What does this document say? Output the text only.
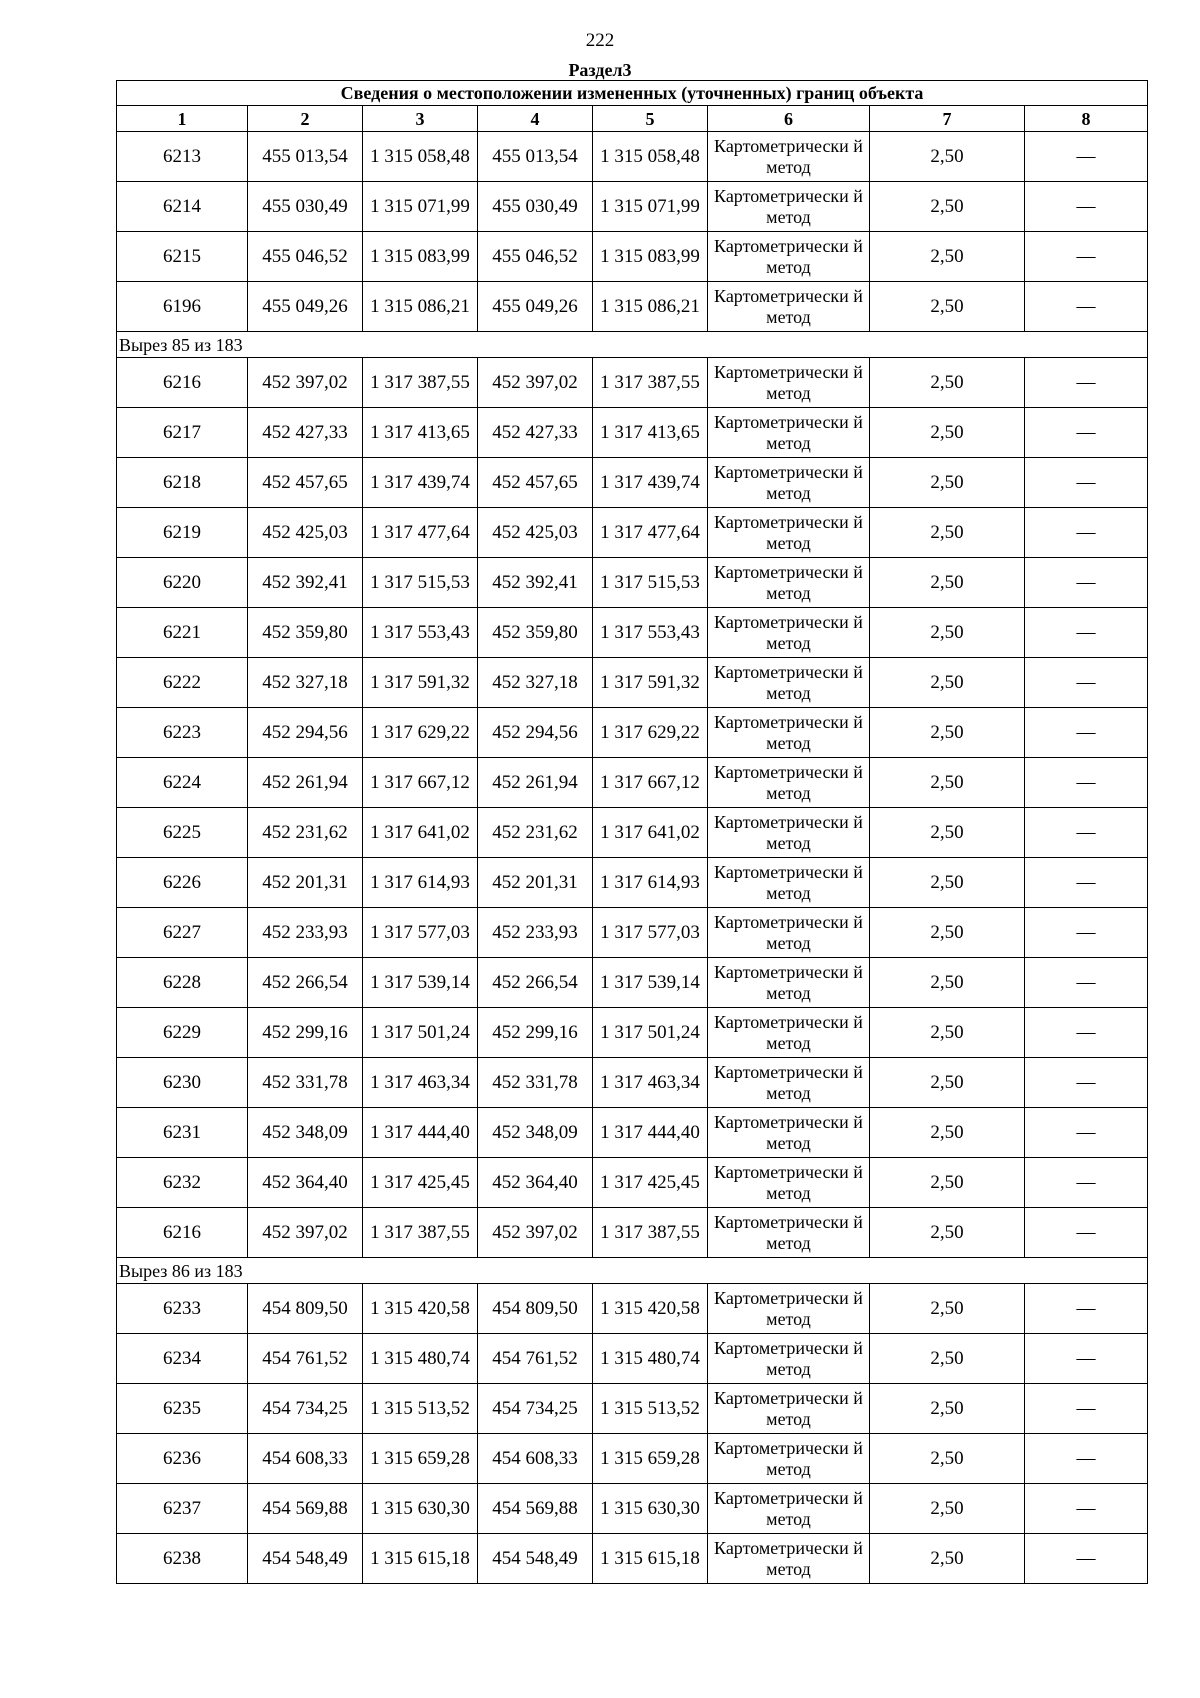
222
Раздел3
Сведения о местоположении измененных (уточненных) границ объекта							
1	2	3	4	5	6	7	8
6213	455 013,54	1 315 058,48	455 013,54	1 315 058,48	Картометрически й метод	2,50	—
6214	455 030,49	1 315 071,99	455 030,49	1 315 071,99	Картометрически й метод	2,50	—
6215	455 046,52	1 315 083,99	455 046,52	1 315 083,99	Картометрически й метод	2,50	—
6196	455 049,26	1 315 086,21	455 049,26	1 315 086,21	Картометрически й метод	2,50	—
Вырез 85 из 183							
6216	452 397,02	1 317 387,55	452 397,02	1 317 387,55	Картометрически й метод	2,50	—
6217	452 427,33	1 317 413,65	452 427,33	1 317 413,65	Картометрически й метод	2,50	—
6218	452 457,65	1 317 439,74	452 457,65	1 317 439,74	Картометрически й метод	2,50	—
6219	452 425,03	1 317 477,64	452 425,03	1 317 477,64	Картометрически й метод	2,50	—
6220	452 392,41	1 317 515,53	452 392,41	1 317 515,53	Картометрически й метод	2,50	—
6221	452 359,80	1 317 553,43	452 359,80	1 317 553,43	Картометрически й метод	2,50	—
6222	452 327,18	1 317 591,32	452 327,18	1 317 591,32	Картометрически й метод	2,50	—
6223	452 294,56	1 317 629,22	452 294,56	1 317 629,22	Картометрически й метод	2,50	—
6224	452 261,94	1 317 667,12	452 261,94	1 317 667,12	Картометрически й метод	2,50	—
6225	452 231,62	1 317 641,02	452 231,62	1 317 641,02	Картометрически й метод	2,50	—
6226	452 201,31	1 317 614,93	452 201,31	1 317 614,93	Картометрически й метод	2,50	—
6227	452 233,93	1 317 577,03	452 233,93	1 317 577,03	Картометрически й метод	2,50	—
6228	452 266,54	1 317 539,14	452 266,54	1 317 539,14	Картометрически й метод	2,50	—
6229	452 299,16	1 317 501,24	452 299,16	1 317 501,24	Картометрически й метод	2,50	—
6230	452 331,78	1 317 463,34	452 331,78	1 317 463,34	Картометрически й метод	2,50	—
6231	452 348,09	1 317 444,40	452 348,09	1 317 444,40	Картометрически й метод	2,50	—
6232	452 364,40	1 317 425,45	452 364,40	1 317 425,45	Картометрически й метод	2,50	—
6216	452 397,02	1 317 387,55	452 397,02	1 317 387,55	Картометрически й метод	2,50	—
Вырез 86 из 183							
6233	454 809,50	1 315 420,58	454 809,50	1 315 420,58	Картометрически й метод	2,50	—
6234	454 761,52	1 315 480,74	454 761,52	1 315 480,74	Картометрически й метод	2,50	—
6235	454 734,25	1 315 513,52	454 734,25	1 315 513,52	Картометрически й метод	2,50	—
6236	454 608,33	1 315 659,28	454 608,33	1 315 659,28	Картометрически й метод	2,50	—
6237	454 569,88	1 315 630,30	454 569,88	1 315 630,30	Картометрически й метод	2,50	—
6238	454 548,49	1 315 615,18	454 548,49	1 315 615,18	Картометрически й метод	2,50	—
